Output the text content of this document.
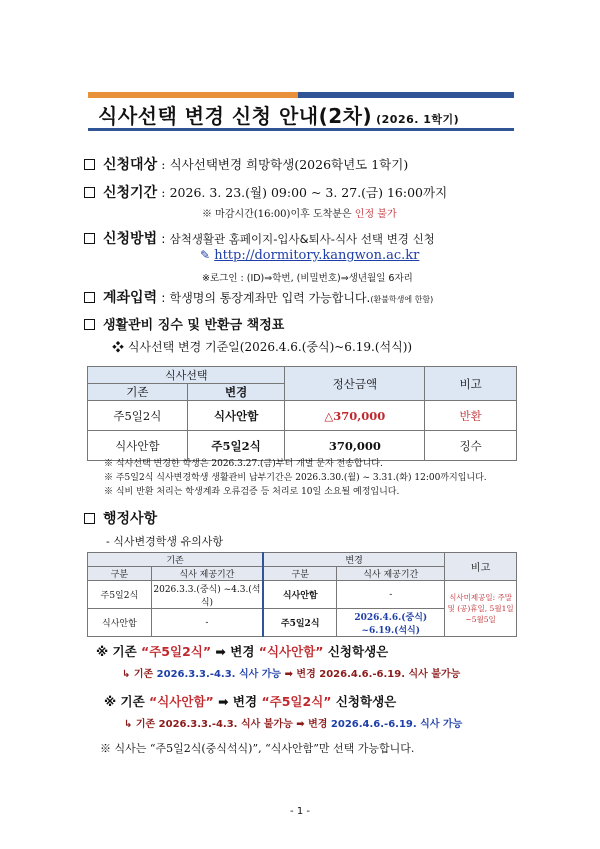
식사선택 변경 신청 안내(2차) (2026. 1학기)
신청대상 : 식사선택변경 희망학생(2026학년도 1학기)
신청기간 : 2026. 3. 23.(월) 09:00 ~ 3. 27.(금) 16:00까지
※ 마감시간(16:00)이후 도착분은 인정 불가
신청방법 : 삼척생활관 홈페이지-입사&퇴사-식사 선택 변경 신청
✎ http://dormitory.kangwon.ac.kr
※로그인 : (ID)⇒학번, (비밀번호)⇒생년월일 6자리
계좌입력 : 학생명의 통장계좌만 입력 가능합니다.(환불학생에 한함)
생활관비 징수 및 반환금 책정표
❖ 식사선택 변경 기준일(2026.4.6.(중식)~6.19.(석식))
식사선택		정산금액	비고
기존	변경		
주5일2식	식사안함	△370,000	반환
식사안함	주5일2식	370,000	징수
※ 식사선택 변경한 학생은 2026.3.27.(금)부터 개별 문자 전송합니다.
※ 주5일2식 식사변경학생 생활관비 납부기간은 2026.3.30.(월) ~ 3.31.(화) 12:00까지입니다.
※ 식비 반환 처리는 학생계좌 오류검증 등 처리로 10일 소요될 예정입니다.
행정사항
- 식사변경학생 유의사항
기존		변경		비고
구분	식사 제공기간	구분	식사 제공기간	
주5일2식	2026.3.3.(중식) ~4.3.(석식)	식사안함	-	식사미제공일: 주말 및 (공)휴일, 5월1일~5월5일
식사안함	-	주5일2식	2026.4.6.(중식) ~6.19.(석식)	
※ 기존 “주5일2식” ➡ 변경 “식사안함” 신청학생은
↳ 기존 2026.3.3.-4.3. 식사 가능 ➡ 변경 2026.4.6.-6.19. 식사 불가능
※ 기존 “식사안함” ➡ 변경 “주5일2식” 신청학생은
↳ 기존 2026.3.3.-4.3. 식사 불가능 ➡ 변경 2026.4.6.-6.19. 식사 가능
※ 식사는 “주5일2식(중식석식)”, “식사안함”만 선택 가능합니다.
- 1 -
